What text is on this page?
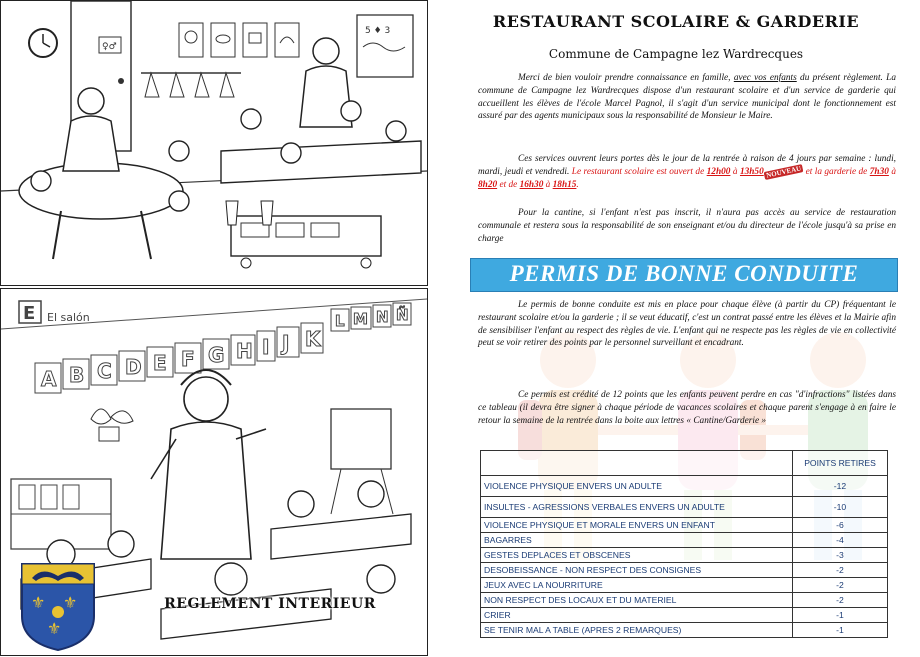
♀♂
5 ♦ 3
E El salón
A B C D E F G H I J K
L M N Ñ
⚜ ⚜
⚜
REGLEMENT INTERIEUR
RESTAURANT SCOLAIRE & GARDERIE
Commune de Campagne lez Wardrecques
Merci de bien vouloir prendre connaissance en famille, avec vos enfants du présent règlement. La commune de Campagne lez Wardrecques dispose d'un restaurant scolaire et d'un service de garderie qui accueillent les élèves de l'école Marcel Pagnol, il s'agit d'un service municipal dont le fonctionnement est assuré par des agents municipaux sous la responsabilité de Monsieur le Maire.
Ces services ouvrent leurs portes dès le jour de la rentrée à raison de 4 jours par semaine : lundi, mardi, jeudi et vendredi. Le restaurant scolaire est ouvert de 12h00 à 13h50 NOUVEAU et la garderie de 7h30 à 8h20 et de 16h30 à 18h15.
Pour la cantine, si l'enfant n'est pas inscrit, il n'aura pas accès au service de restauration communale et restera sous la responsabilité de son enseignant et/ou du directeur de l'école jusqu'à sa prise en charge
PERMIS DE BONNE CONDUITE
Le permis de bonne conduite est mis en place pour chaque élève (à partir du CP) fréquentant le restaurant scolaire et/ou la garderie ; il se veut éducatif, c'est un contrat passé entre les élèves et la Mairie afin de sensibiliser l'enfant au respect des règles de vie. L'enfant qui ne respecte pas les règles de vie en collectivité peut se voir retirer des points par le personnel surveillant et encadrant.
Ce permis est crédité de 12 points que les enfants peuvent perdre en cas "d'infractions" listées dans ce tableau (il devra être signer à chaque période de vacances scolaires et chaque parent s'engage à en faire le retour la semaine de la rentrée dans la boite aux lettres « Cantine/Garderie »
	POINTS RETIRES
VIOLENCE PHYSIQUE ENVERS UN ADULTE	-12
INSULTES - AGRESSIONS VERBALES ENVERS UN ADULTE	-10
VIOLENCE PHYSIQUE ET MORALE ENVERS UN ENFANT	-6
BAGARRES	-4
GESTES DEPLACES ET OBSCENES	-3
DESOBEISSANCE - NON RESPECT DES CONSIGNES	-2
JEUX AVEC LA NOURRITURE	-2
NON RESPECT DES LOCAUX ET DU MATERIEL	-2
CRIER	-1
SE TENIR MAL A TABLE (APRES 2 REMARQUES)	-1
